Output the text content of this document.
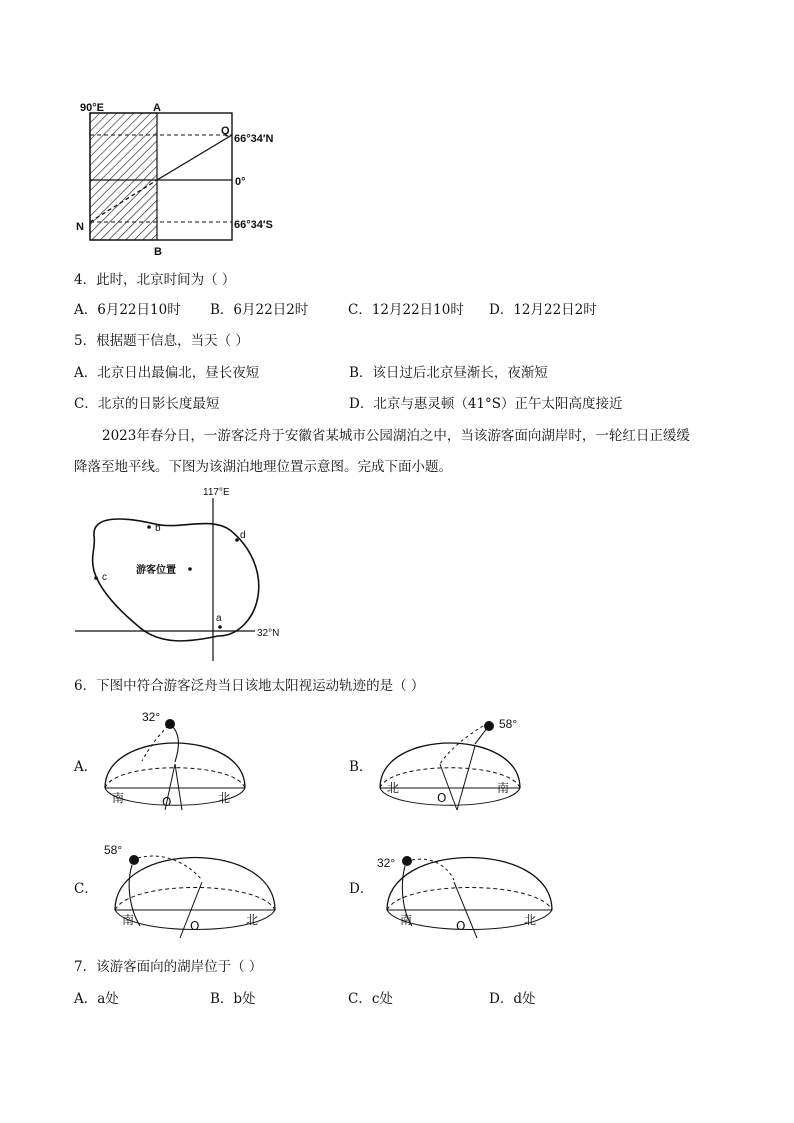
90°E	A
Q
66°34′N
0°
N	66°34′S
B
4．此时，北京时间为（ ）
A．6月22日10时 B．6月22日2时	C．12月22日10时 D．12月22日2时
5．根据题干信息，当天（ ）
A．北京日出最偏北，昼长夜短	B．该日过后北京昼渐长，夜渐短
C．北京的日影长度最短	D．北京与惠灵顿（41°S）正午太阳高度接近
2023年春分日，一游客泛舟于安徽省某城市公园湖泊之中，当该游客面向湖岸时，一轮红日正缓缓
降落至地平线。下图为该湖泊地理位置示意图。完成下面小题。
117°E
32°N
b
d
c
a
游客位置
6．下图中符合游客泛舟当日该地太阳视运动轨迹的是（ ）
A．
32°
南	北
O
B．
58°
北	南
O
C．
58°
南	北
O
D．
32°
南	北
O
7．该游客面向的湖岸位于（ ）
A．a处	B．b处	C．c处	D．d处
